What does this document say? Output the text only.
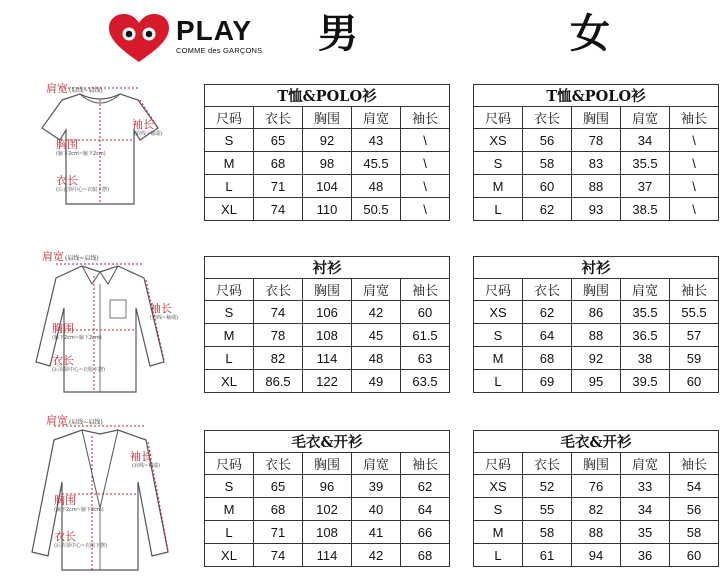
PLAY
COMME des GARÇONS 男	女
肩宽(肩线~肩线)
袖长
(肩线~袖端)
胸围
(腋下2cm~腋下2cm)
衣长
(后衣领中心~衣服下摆)
肩宽(肩线~肩线)
袖长
(肩线~袖端)
胸围
(腋下2cm~腋下2cm)
衣长
(后衣领中心~衣服下摆)
肩宽(肩线~肩线)
袖长
(肩线~袖端)
胸围
(腋下2cm~腋下2cm)
衣长
(后衣领中心~衣服下摆)
T恤&POLO衫				
尺码	衣长	胸围	肩宽	袖长
S	65	92	43	\
M	68	98	45.5	\
L	71	104	48	\
XL	74	110	50.5	\
T恤&POLO衫				
尺码	衣长	胸围	肩宽	袖长
XS	56	78	34	\
S	58	83	35.5	\
M	60	88	37	\
L	62	93	38.5	\
衬衫				
尺码	衣长	胸围	肩宽	袖长
S	74	106	42	60
M	78	108	45	61.5
L	82	114	48	63
XL	86.5	122	49	63.5
衬衫				
尺码	衣长	胸围	肩宽	袖长
XS	62	86	35.5	55.5
S	64	88	36.5	57
M	68	92	38	59
L	69	95	39.5	60
毛衣&开衫				
尺码	衣长	胸围	肩宽	袖长
S	65	96	39	62
M	68	102	40	64
L	71	108	41	66
XL	74	114	42	68
毛衣&开衫				
尺码	衣长	胸围	肩宽	袖长
XS	52	76	33	54
S	55	82	34	56
M	58	88	35	58
L	61	94	36	60
